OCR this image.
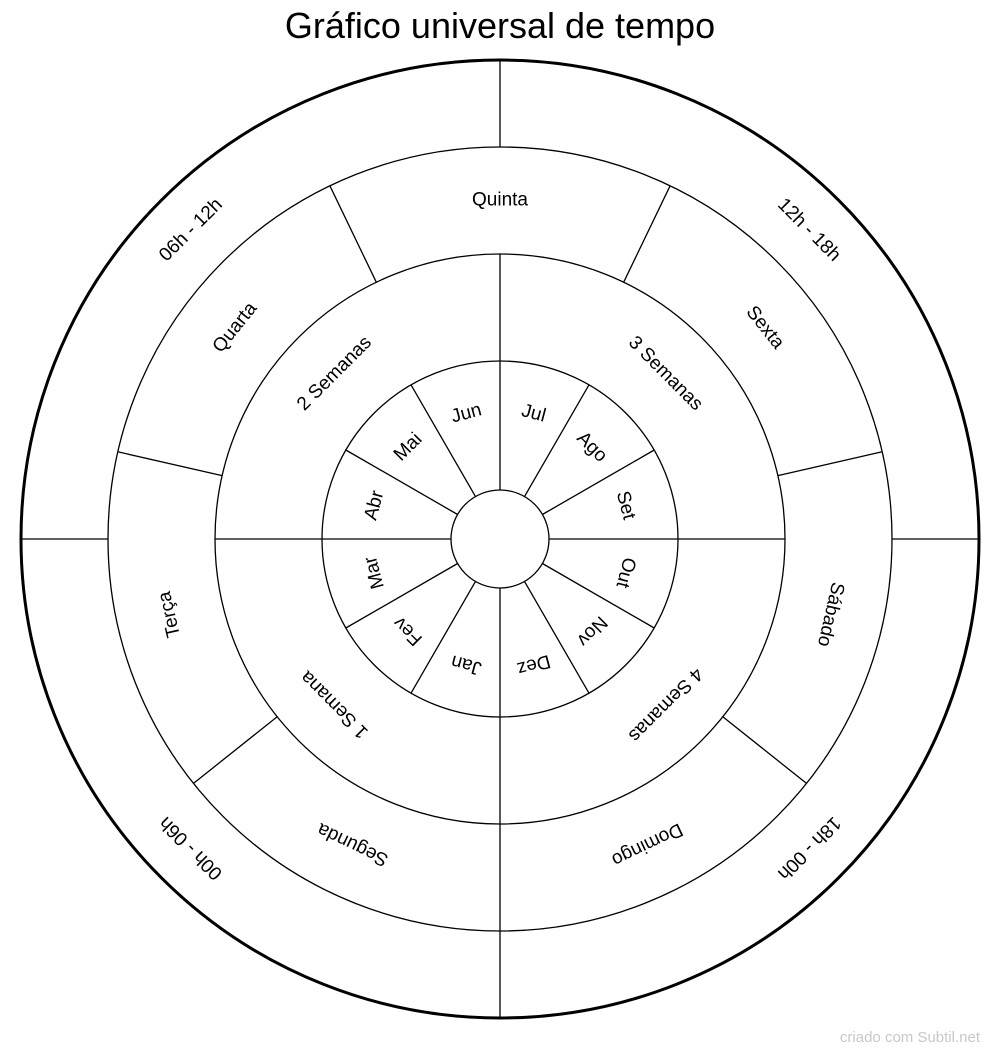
Gráfico universal de tempo
06h - 12h	12h - 18h
18h - 00h
00h - 06h
Quinta
Sexta
Sábado
Domingo
Segunda
Terça
Quarta
3 Semanas
4 Semanas
1 Semana
2 Semanas	Jul
Ago
Set
Out
Nov
Dez
Jan
Fev
Mar
Abr
Mai
Jun
criado com Subtil.net
